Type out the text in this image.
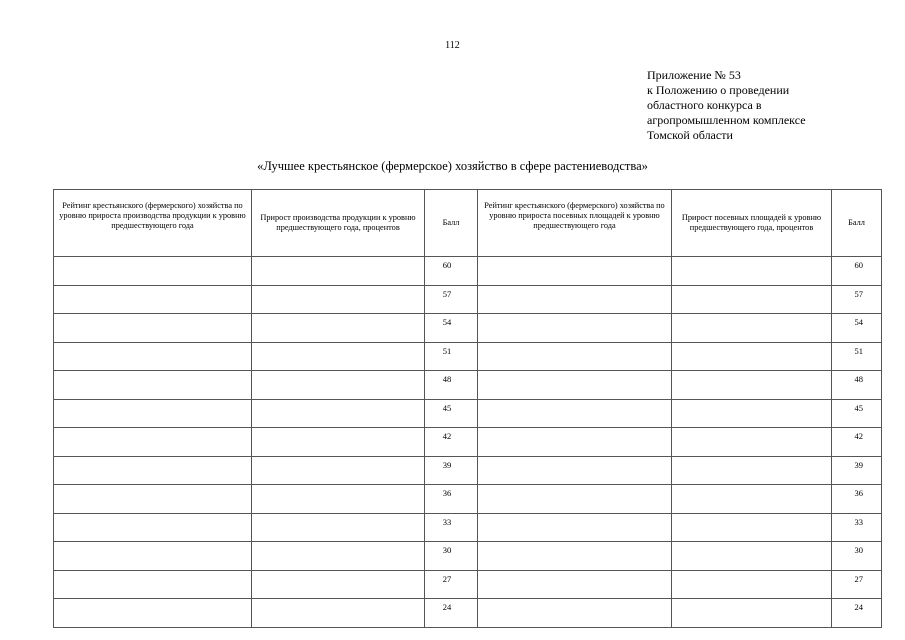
112
Приложение № 53
к Положению о проведении
областного конкурса в
агропромышленном комплексе
Томской области
«Лучшее крестьянское (фермерское) хозяйство в сфере растениеводства»
Рейтинг крестьянского (фермерского) хозяйства по уровню прироста производства продукции к уровню предшествующего года	Прирост производства продукции к уровню предшествующего года, процентов	Балл	Рейтинг крестьянского (фермерского) хозяйства по уровню прироста посевных площадей к уровню предшествующего года	Прирост посевных площадей к уровню предшествующего года, процентов	Балл
		60			60
		57			57
		54			54
		51			51
		48			48
		45			45
		42			42
		39			39
		36			36
		33			33
		30			30
		27			27
		24			24
